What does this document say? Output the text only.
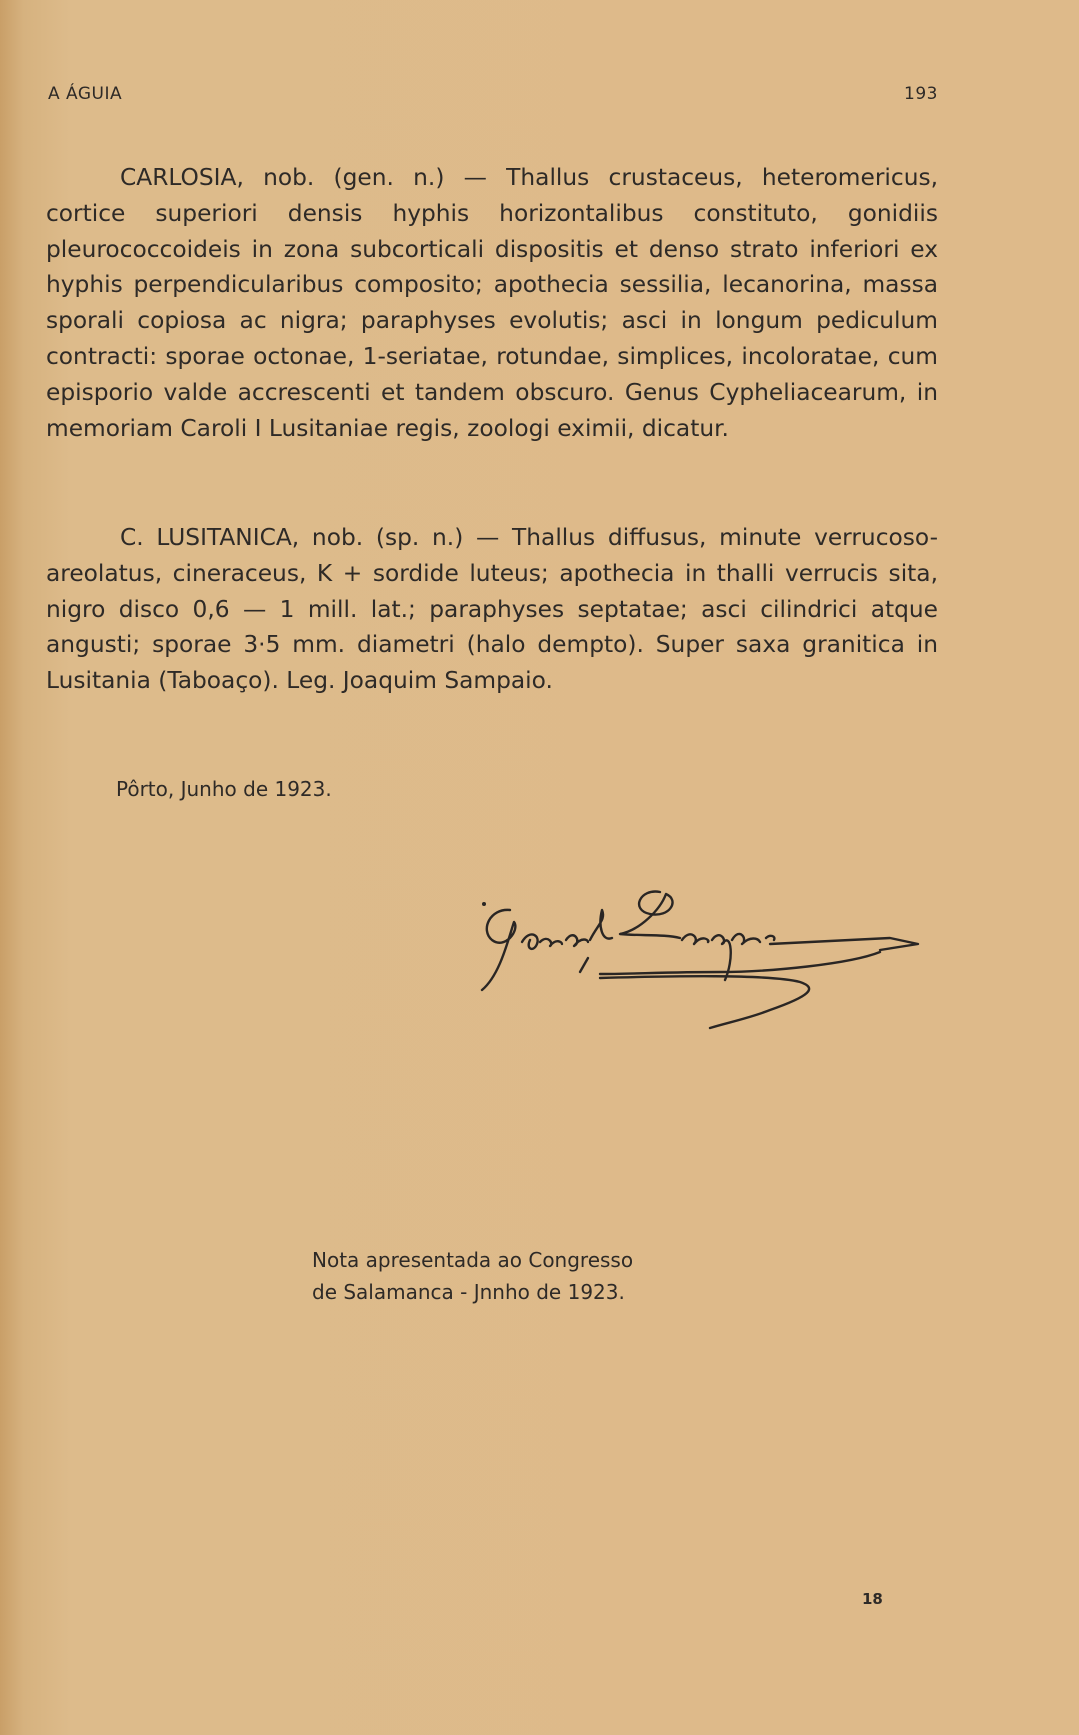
A ÁGUIA	193

CARLOSIA, nob. (gen. n.) — Thallus crustaceus, heteromericus, cortice superiori densis hyphis horizontalibus constituto, gonidiis pleurococcoideis in zona subcorticali dispositis et denso strato inferiori ex hyphis perpendicularibus composito; apothecia sessilia, lecanorina, massa sporali copiosa ac nigra; paraphyses evolutis; asci in longum pediculum contracti: sporae octonae, 1-seriatae, rotundae, simplices, incoloratae, cum episporio valde accrescenti et tandem obscuro. Genus Cypheliacearum, in memoriam Caroli I Lusitaniae regis, zoologi eximii, dicatur.

C. LUSITANICA, nob. (sp. n.) — Thallus diffusus, minute verrucoso-areolatus, cineraceus, K + sordide luteus; apothecia in thalli verrucis sita, nigro disco 0,6 — 1 mill. lat.; paraphyses septatae; asci cilindrici atque angusti; sporae 3·5 mm. diametri (halo dempto). Super saxa granitica in Lusitania (Taboaço). Leg. Joaquim Sampaio.

Pôrto, Junho de 1923.
Nota apresentada ao Congresso
de Salamanca - Jnnho de 1923.
18
